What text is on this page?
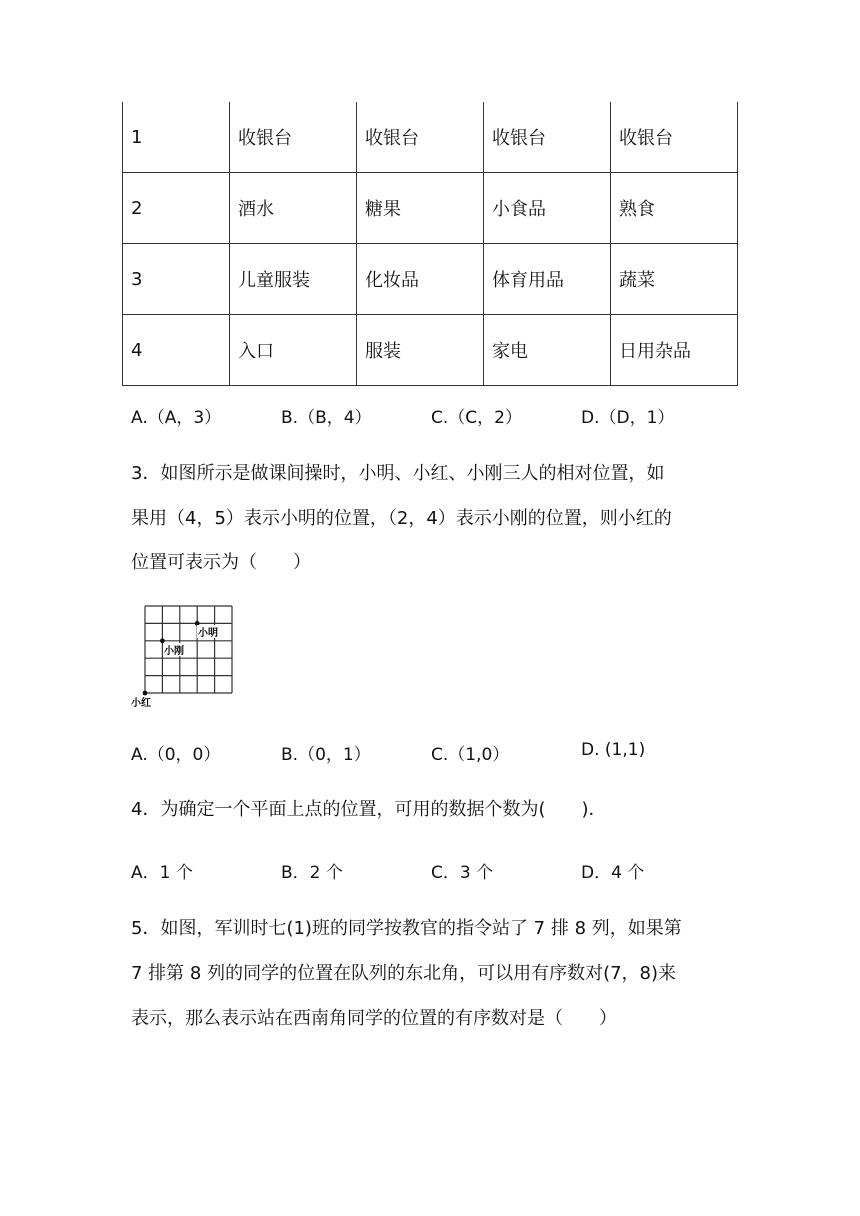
1	收银台	收银台	收银台	收银台
2	酒水	糖果	小食品	熟食
3	儿童服装	化妆品	体育用品	蔬菜
4	入口	服装	家电	日用杂品
A.（A，3）	B.（B，4）	C.（C，2）	D.（D，1）
3．如图所示是做课间操时，小明、小红、小刚三人的相对位置，如
果用（4，5）表示小明的位置，（2，4）表示小刚的位置，则小红的
位置可表示为（　　）
小明
小刚
小红
A.（0，0）	B.（0，1）	C.（1,0）	D. (1,1)
4．为确定一个平面上点的位置，可用的数据个数为(　　).
A．1 个	B．2 个	C．3 个	D．4 个
5．如图，军训时七(1)班的同学按教官的指令站了 7 排 8 列，如果第
7 排第 8 列的同学的位置在队列的东北角，可以用有序数对(7，8)来
表示，那么表示站在西南角同学的位置的有序数对是（　　）
